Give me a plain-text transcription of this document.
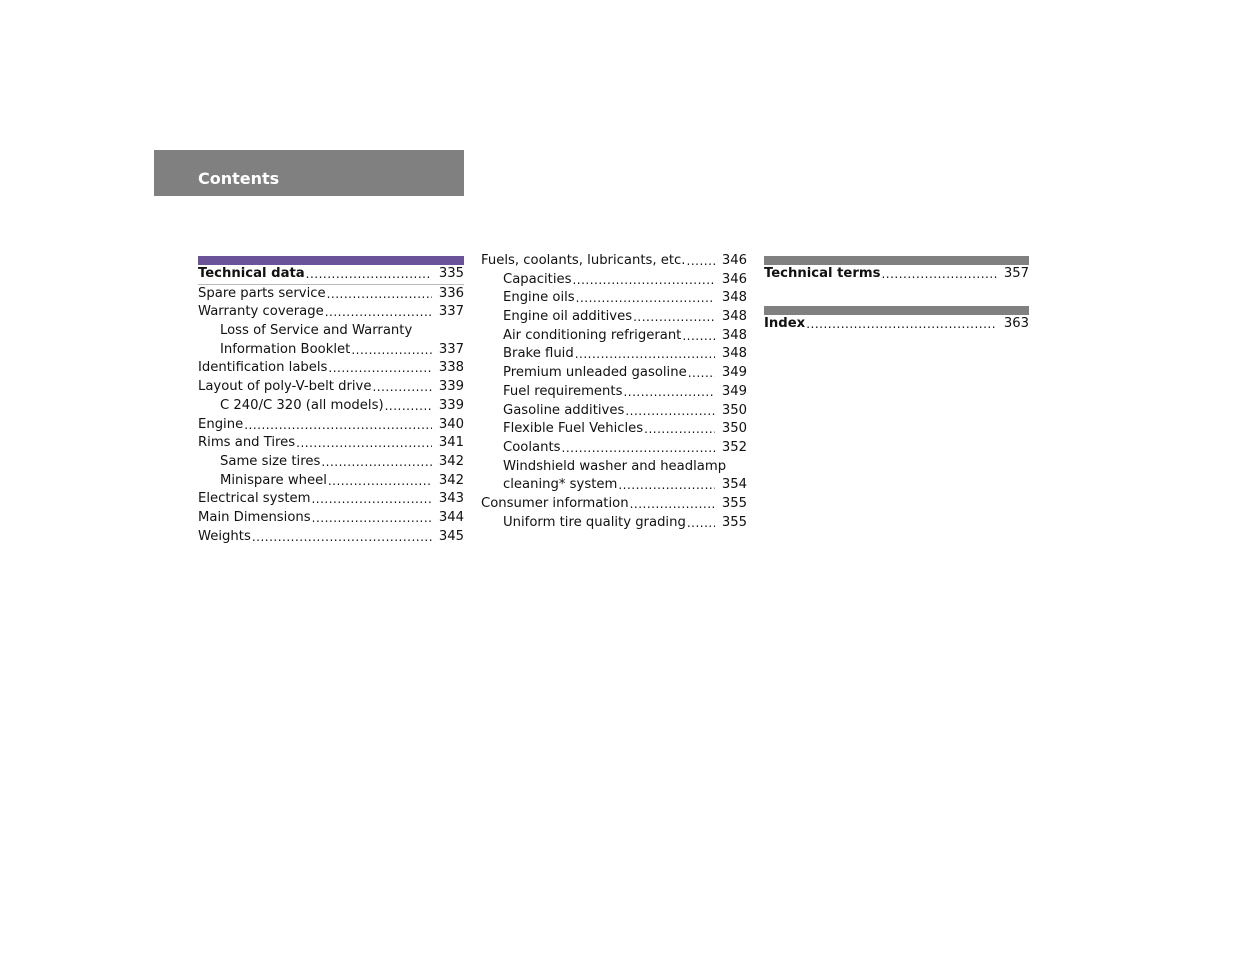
Contents
Technical data .....	335
Spare parts service .....	336
Warranty coverage .....	337
Loss of Service and Warranty
Information Booklet .....	337
Identification labels .....	338
Layout of poly-V-belt drive .....	339
C 240/C 320 (all models) .....	339
Engine .....	340
Rims and Tires .....	341
Same size tires .....	342
Minispare wheel .....	342
Electrical system .....	343
Main Dimensions .....	344
Weights .....	345
Fuels, coolants, lubricants, etc. .....	346
Capacities .....	346
Engine oils .....	348
Engine oil additives .....	348
Air conditioning refrigerant .....	348
Brake fluid .....	348
Premium unleaded gasoline .....	349
Fuel requirements .....	349
Gasoline additives .....	350
Flexible Fuel Vehicles .....	350
Coolants .....	352
Windshield washer and headlamp
cleaning* system .....	354
Consumer information .....	355
Uniform tire quality grading .....	355
Technical terms .....	357
Index .....	363
